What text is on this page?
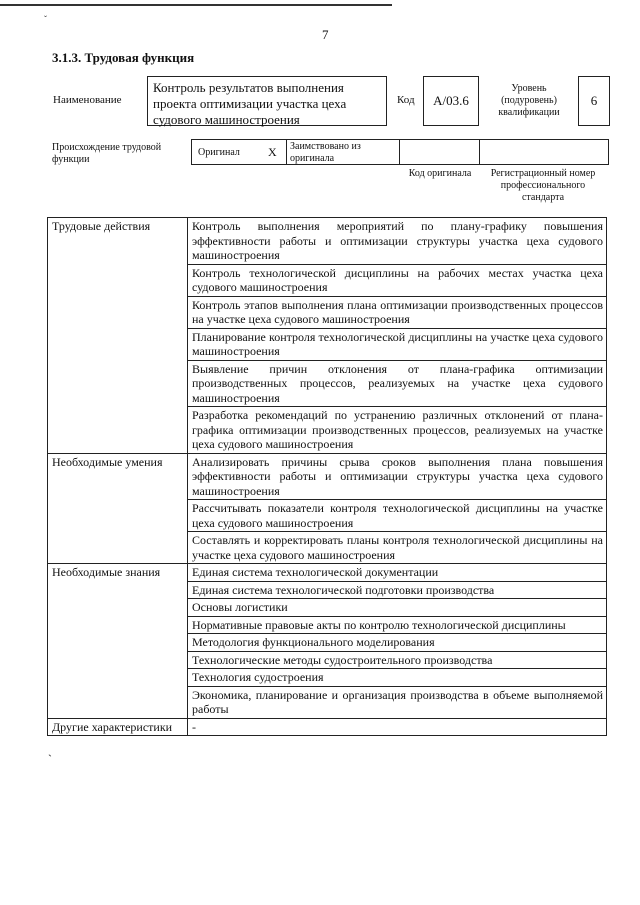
ˇ
7
3.1.3. Трудовая функция
Наименование
Контроль результатов выполнения проекта оптимизации участка цеха судового машиностроения
Код A/03.6
Уровень (подуровень) квалификации
6
Происхождение трудовой функции
Оригинал X Заимствовано из оригинала
Код оригинала	Регистрационный номер профессионального стандарта
Трудовые действия	Контроль выполнения мероприятий по плану-графику повышения эффективности работы и оптимизации структуры участка цеха судового машиностроения
	Контроль технологической дисциплины на рабочих местах участка цеха судового машиностроения
	Контроль этапов выполнения плана оптимизации производственных процессов на участке цеха судового машиностроения
	Планирование контроля технологической дисциплины на участке цеха судового машиностроения
	Выявление причин отклонения от плана-графика оптимизации производственных процессов, реализуемых на участке цеха судового машиностроения
	Разработка рекомендаций по устранению различных отклонений от плана-графика оптимизации производственных процессов, реализуемых на участке цеха судового машиностроения
Необходимые умения	Анализировать причины срыва сроков выполнения плана повышения эффективности работы и оптимизации структуры участка цеха судового машиностроения
	Рассчитывать показатели контроля технологической дисциплины на участке цеха судового машиностроения
	Составлять и корректировать планы контроля технологической дисциплины на участке цеха судового машиностроения
Необходимые знания	Единая система технологической документации
	Единая система технологической подготовки производства
	Основы логистики
	Нормативные правовые акты по контролю технологической дисциплины
	Методология функционального моделирования
	Технологические методы судостроительного производства
	Технология судостроения
	Экономика, планирование и организация производства в объеме выполняемой работы
Другие характеристики	-
ˋ
